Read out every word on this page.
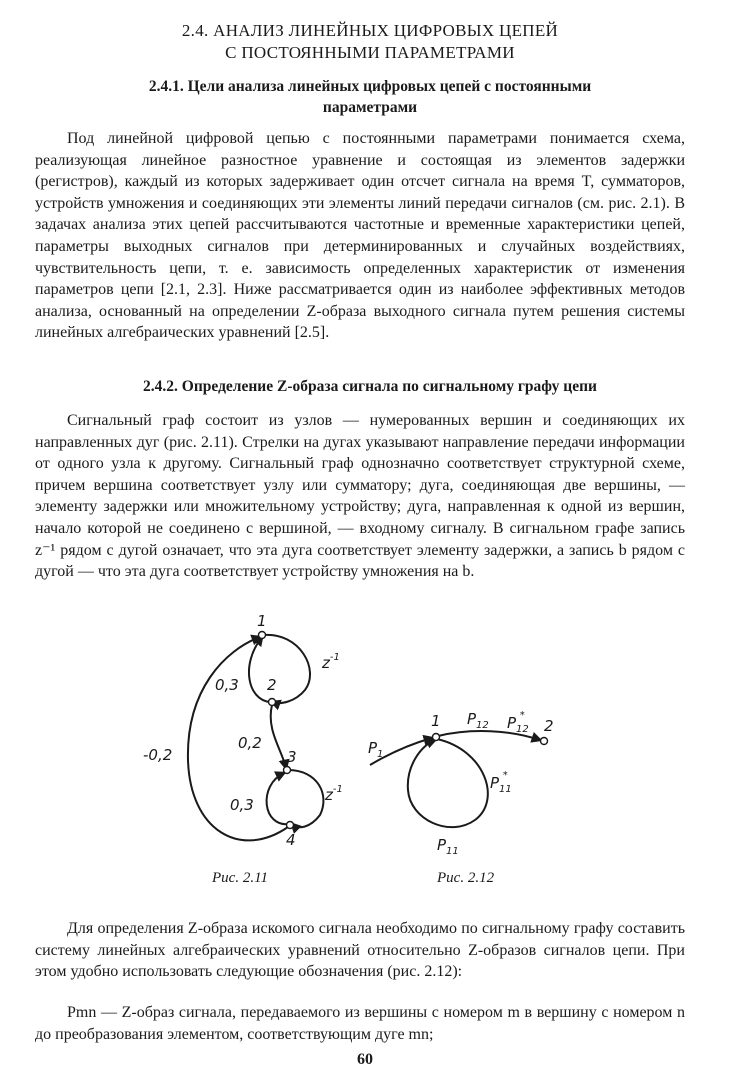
2.4. АНАЛИЗ ЛИНЕЙНЫХ ЦИФРОВЫХ ЦЕПЕЙ
С ПОСТОЯННЫМИ ПАРАМЕТРАМИ
2.4.1. Цели анализа линейных цифровых цепей с постоянными
параметрами
Под линейной цифровой цепью с постоянными параметрами понимается схема, реализующая линейное разностное уравнение и состоящая из элементов задержки (регистров), каждый из которых задерживает один отсчет сигнала на время T, сумматоров, устройств умножения и соединяющих эти элементы линий передачи сигналов (см. рис. 2.1). В задачах анализа этих цепей рассчитываются частотные и временные характеристики цепей, параметры выходных сигналов при детерминированных и случайных воздействиях, чувствительность цепи, т. е. зависимость определенных характеристик от изменения параметров цепи [2.1, 2.3]. Ниже рассматривается один из наиболее эффективных методов анализа, основанный на определении Z-образа выходного сигнала путем решения системы линейных алгебраических уравнений [2.5].
2.4.2. Определение Z-образа сигнала по сигнальному графу цепи
Сигнальный граф состоит из узлов — нумерованных вершин и соединяющих их направленных дуг (рис. 2.11). Стрелки на дугах указывают направление передачи информации от одного узла к другому. Сигнальный граф однозначно соответствует структурной схеме, причем вершина соответствует узлу или сумматору; дуга, соединяющая две вершины, — элементу задержки или множительному устройству; дуга, направленная к одной из вершин, начало которой не соединено с вершиной, — входному сигналу. В сигнальном графе запись z⁻¹ рядом с дугой означает, что эта дуга соответствует элементу задержки, а запись b рядом с дугой — что эта дуга соответствует устройству умножения на b.
1
2
3
4
$z^{-1}$
$z^{-1}$
0,3
0,2
-0,2
0,3
1	2
$P_1$
$P_{12}$ $P_{12}*$
$P_{11}*$
$P_{11}$
Рис. 2.11	Рис. 2.12
Для определения Z-образа искомого сигнала необходимо по сигнальному графу составить систему линейных алгебраических уравнений относительно Z-образов сигналов цепи. При этом удобно использовать следующие обозначения (рис. 2.12):
Pmn — Z-образ сигнала, передаваемого из вершины с номером m в вершину с номером n до преобразования элементом, соответствующим дуге mn;
60
